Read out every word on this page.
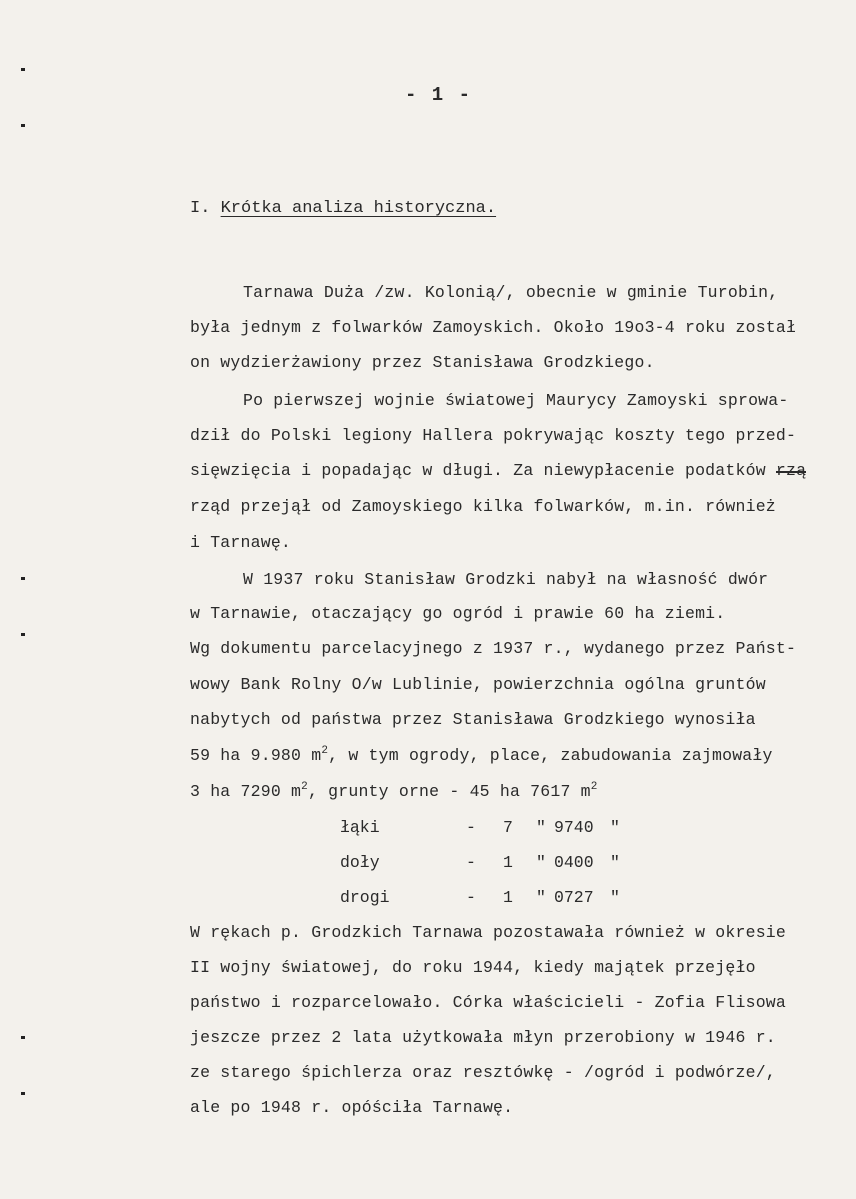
- 1 -
I. Krótka analiza historyczna.
Tarnawa Duża /zw. Kolonią/, obecnie w gminie Turobin,
była jednym z folwarków Zamoyskich. Około 19o3-4 roku został
on wydzierżawiony przez Stanisława Grodzkiego.
Po pierwszej wojnie światowej Maurycy Zamoyski sprowa-
dził do Polski legiony Hallera pokrywając koszty tego przed-
sięwzięcia i popadając w długi. Za niewypłacenie podatków rzą
rząd przejął od Zamoyskiego kilka folwarków, m.in. również
i Tarnawę.
W 1937 roku Stanisław Grodzki nabył na własność dwór
w Tarnawie, otaczający go ogród i prawie 60 ha ziemi.
Wg dokumentu parcelacyjnego z 1937 r., wydanego przez Państ-
wowy Bank Rolny O/w Lublinie, powierzchnia ogólna gruntów
nabytych od państwa przez Stanisława Grodzkiego wynosiła
59 ha 9.980 $m^2$, w tym ogrody, place, zabudowania zajmowały
3 ha 7290 $m^2$, grunty orne - 45 ha 7617 $m^2$
łąki	- 7 " 9740 "
doły	- 1 " 0400 "
drogi	- 1 " 0727 "
W rękach p. Grodzkich Tarnawa pozostawała również w okresie
II wojny światowej, do roku 1944, kiedy majątek przejęło
państwo i rozparcelowało. Córka właścicieli - Zofia Flisowa
jeszcze przez 2 lata użytkowała młyn przerobiony w 1946 r.
ze starego śpichlerza oraz resztówkę - /ogród i podwórze/,
ale po 1948 r. opóściła Tarnawę.
